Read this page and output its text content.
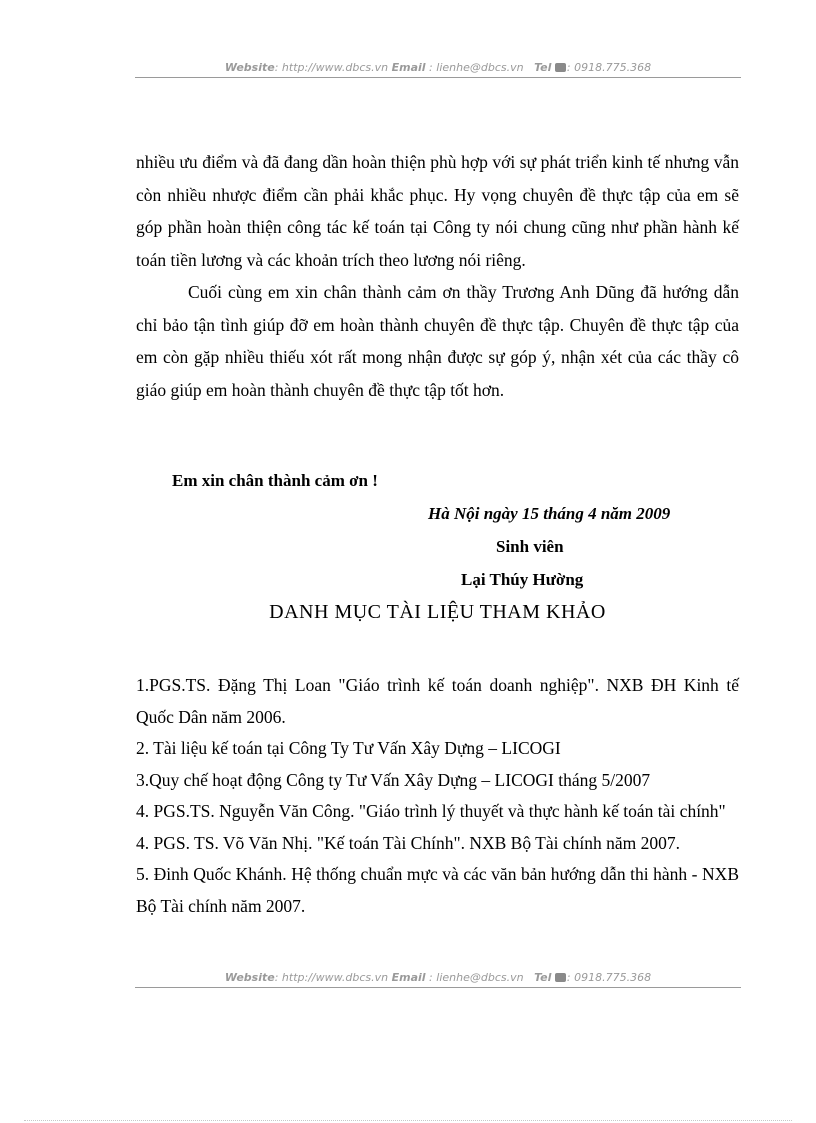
Website: http://www.dbcs.vn Email : lienhe@dbcs.vn Tel : 0918.775.368

nhiều ưu điểm và đã đang dần hoàn thiện phù hợp với sự phát triển kinh tế nhưng vẫn còn nhiều nhược điểm cần phải khắc phục. Hy vọng chuyên đề thực tập của em sẽ góp phần hoàn thiện công tác kế toán tại Công ty nói chung cũng như phần hành kế toán tiền lương và các khoản trích theo lương nói riêng.

Cuối cùng em xin chân thành cảm ơn thầy Trương Anh Dũng đã hướng dẫn chỉ bảo tận tình giúp đỡ em hoàn thành chuyên đề thực tập. Chuyên đề thực tập của em còn gặp nhiều thiếu xót rất mong nhận được sự góp ý, nhận xét của các thầy cô giáo giúp em hoàn thành chuyên đề thực tập tốt hơn.

Em xin chân thành cảm ơn !
Hà Nội ngày 15 tháng 4 năm 2009
Sinh viên
Lại Thúy Hường
DANH MỤC TÀI LIỆU THAM KHẢO

1.PGS.TS. Đặng Thị Loan "Giáo trình kế toán doanh nghiệp". NXB ĐH Kinh tế Quốc Dân năm 2006.

2. Tài liệu kế toán tại Công Ty Tư Vấn Xây Dựng – LICOGI

3.Quy chế hoạt động Công ty Tư Vấn Xây Dựng – LICOGI tháng 5/2007

4. PGS.TS. Nguyễn Văn Công. "Giáo trình lý thuyết và thực hành kế toán tài chính"

4. PGS. TS. Võ Văn Nhị. "Kế toán Tài Chính". NXB Bộ Tài chính năm 2007.

5. Đinh Quốc Khánh. Hệ thống chuẩn mực và các văn bản hướng dẫn thi hành - NXB Bộ Tài chính năm 2007.

Website: http://www.dbcs.vn Email : lienhe@dbcs.vn Tel : 0918.775.368
